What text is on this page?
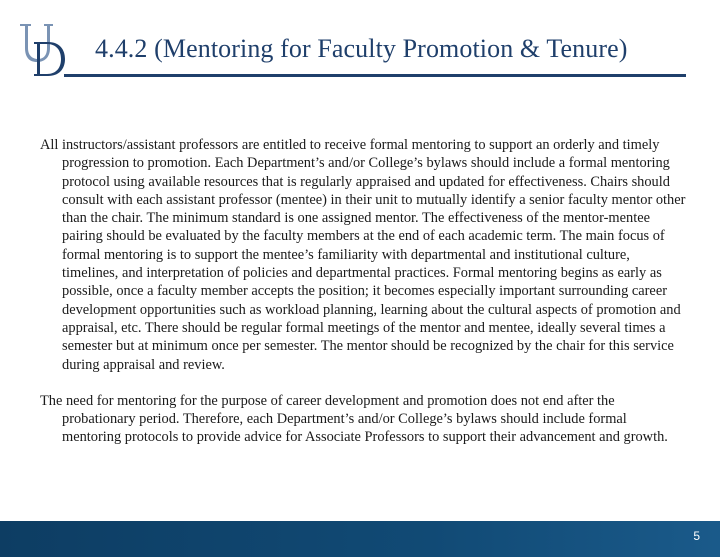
4.4.2 (Mentoring for Faculty Promotion & Tenure)

All instructors/assistant professors are entitled to receive formal mentoring to support an orderly and timely progression to promotion. Each Department’s and/or College’s bylaws should include a formal mentoring protocol using available resources that is regularly appraised and updated for effectiveness. Chairs should consult with each assistant professor (mentee) in their unit to mutually identify a senior faculty mentor other than the chair. The minimum standard is one assigned mentor. The effectiveness of the mentor-mentee pairing should be evaluated by the faculty members at the end of each academic term. The main focus of formal mentoring is to support the mentee’s familiarity with departmental and institutional culture, timelines, and interpretation of policies and departmental practices. Formal mentoring begins as early as possible, once a faculty member accepts the position; it becomes especially important surrounding career development opportunities such as workload planning, learning about the cultural aspects of promotion and appraisal, etc. There should be regular formal meetings of the mentor and mentee, ideally several times a semester but at minimum once per semester. The mentor should be recognized by the chair for this service during appraisal and review.

The need for mentoring for the purpose of career development and promotion does not end after the probationary period. Therefore, each Department’s and/or College’s bylaws should include formal mentoring protocols to provide advice for Associate Professors to support their advancement and growth.

5
